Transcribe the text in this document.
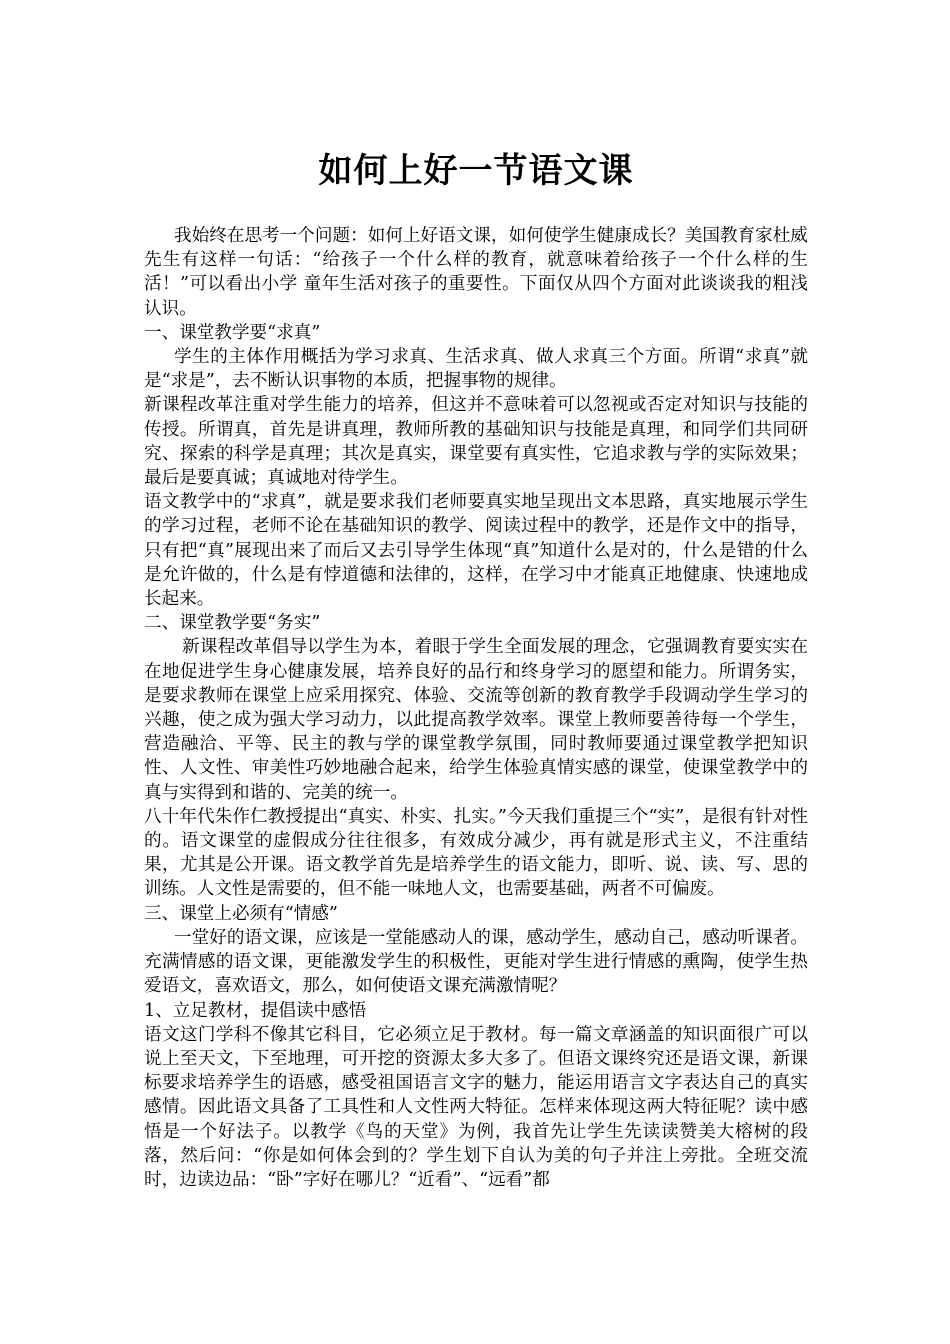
如何上好一节语文课

我始终在思考一个问题：如何上好语文课，如何使学生健康成长？美国教育家杜威先生有这样一句话：“给孩子一个什么样的教育，就意味着给孩子一个什么样的生活！”可以看出小学 童年生活对孩子的重要性。下面仅从四个方面对此谈谈我的粗浅认识。

一、课堂教学要“求真”

学生的主体作用概括为学习求真、生活求真、做人求真三个方面。所谓“求真”就是“求是”，去不断认识事物的本质，把握事物的规律。

新课程改革注重对学生能力的培养，但这并不意味着可以忽视或否定对知识与技能的传授。所谓真，首先是讲真理，教师所教的基础知识与技能是真理，和同学们共同研究、探索的科学是真理；其次是真实，课堂要有真实性，它追求教与学的实际效果；最后是要真诚；真诚地对待学生。

语文教学中的“求真”，就是要求我们老师要真实地呈现出文本思路，真实地展示学生的学习过程，老师不论在基础知识的教学、阅读过程中的教学，还是作文中的指导，只有把“真”展现出来了而后又去引导学生体现“真”知道什么是对的，什么是错的什么是允许做的，什么是有悖道德和法律的，这样，在学习中才能真正地健康、快速地成长起来。

二、课堂教学要“务实”

新课程改革倡导以学生为本，着眼于学生全面发展的理念，它强调教育要实实在在地促进学生身心健康发展，培养良好的品行和终身学习的愿望和能力。所谓务实，是要求教师在课堂上应采用探究、体验、交流等创新的教育教学手段调动学生学习的兴趣，使之成为强大学习动力，以此提高教学效率。课堂上教师要善待每一个学生，营造融洽、平等、民主的教与学的课堂教学氛围，同时教师要通过课堂教学把知识性、人文性、审美性巧妙地融合起来，给学生体验真情实感的课堂，使课堂教学中的真与实得到和谐的、完美的统一。

八十年代朱作仁教授提出“真实、朴实、扎实。”今天我们重提三个“实”，是很有针对性的。语文课堂的虚假成分往往很多，有效成分减少，再有就是形式主义，不注重结果，尤其是公开课。语文教学首先是培养学生的语文能力，即听、说、读、写、思的训练。人文性是需要的，但不能一味地人文，也需要基础，两者不可偏废。

三、课堂上必须有“情感”

一堂好的语文课，应该是一堂能感动人的课，感动学生，感动自己，感动听课者。充满情感的语文课，更能激发学生的积极性，更能对学生进行情感的熏陶，使学生热爱语文，喜欢语文，那么，如何使语文课充满激情呢？

1、立足教材，提倡读中感悟

语文这门学科不像其它科目，它必须立足于教材。每一篇文章涵盖的知识面很广可以说上至天文，下至地理，可开挖的资源太多大多了。但语文课终究还是语文课，新课标要求培养学生的语感，感受祖国语言文字的魅力，能运用语言文字表达自己的真实感情。因此语文具备了工具性和人文性两大特征。怎样来体现这两大特征呢？读中感悟是一个好法子。以教学《鸟的天堂》为例，我首先让学生先读读赞美大榕树的段落，然后问：“你是如何体会到的？学生划下自认为美的句子并注上旁批。全班交流时，边读边品：“卧”字好在哪儿？“近看”、“远看”都
